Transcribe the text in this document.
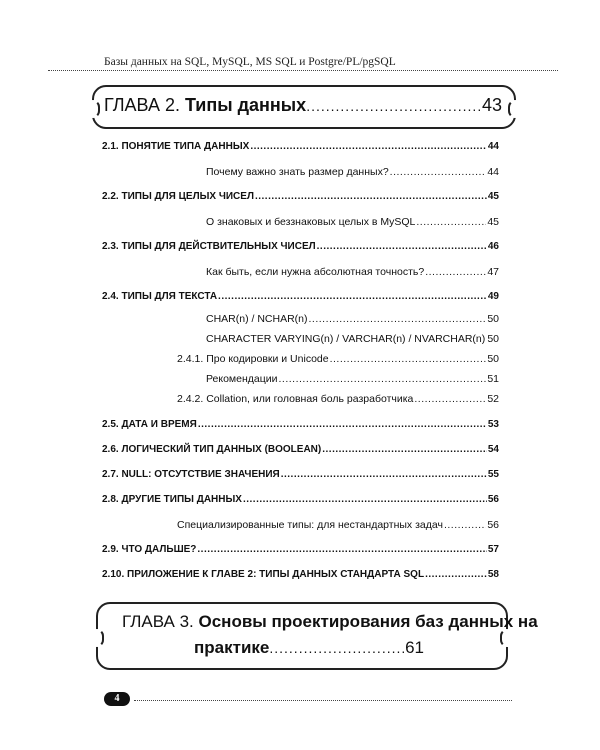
Базы данных на SQL, MySQL, MS SQL и Postgre/PL/pgSQL
ГЛАВА 2.
Типы данных .....	43
2.1. ПОНЯТИЕ ТИПА ДАННЫХ .....	44
Почему важно знать размер данных? .....	44
2.2. ТИПЫ ДЛЯ ЦЕЛЫХ ЧИСЕЛ .....	45
О знаковых и беззнаковых целых в MySQL .....	45
2.3. ТИПЫ ДЛЯ ДЕЙСТВИТЕЛЬНЫХ ЧИСЕЛ .....	46
Как быть, если нужна абсолютная точность? .....	47
2.4. ТИПЫ ДЛЯ ТЕКСТА .....	49
CHAR(n) / NCHAR(n) .....	50
CHARACTER VARYING(n) / VARCHAR(n) / NVARCHAR(n) ..... 50
2.4.1. Про кодировки и Unicode .....	50
Рекомендации .....	51
2.4.2. Collation, или головная боль разработчика .....	52
2.5. ДАТА И ВРЕМЯ .....	53
2.6. ЛОГИЧЕСКИЙ ТИП ДАННЫХ (BOOLEAN) .....	54
2.7. NULL: ОТСУТСТВИЕ ЗНАЧЕНИЯ .....	55
2.8. ДРУГИЕ ТИПЫ ДАННЫХ .....	56
Специализированные типы: для нестандартных задач .....	56
2.9. ЧТО ДАЛЬШЕ? .....	57
2.10. ПРИЛОЖЕНИЕ К ГЛАВЕ 2: ТИПЫ ДАННЫХ СТАНДАРТА SQL .....	58
ГЛАВА 3. Основы проектирования баз данных на
практике .....	61
4
